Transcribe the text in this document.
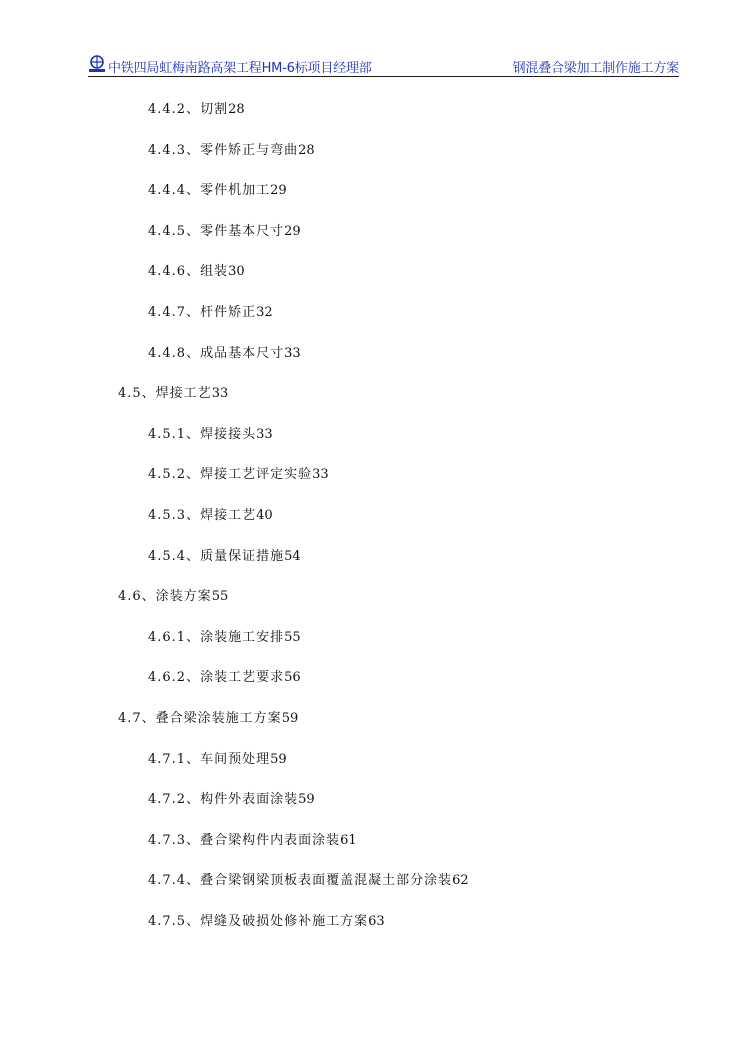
中铁四局虹梅南路高架工程HM-6标项目经理部	钢混叠合梁加工制作施工方案
4.4.2、切割28
4.4.3、零件矫正与弯曲28
4.4.4、零件机加工29
4.4.5、零件基本尺寸29
4.4.6、组装30
4.4.7、杆件矫正32
4.4.8、成品基本尺寸33
4.5、焊接工艺33
4.5.1、焊接接头33
4.5.2、焊接工艺评定实验33
4.5.3、焊接工艺40
4.5.4、质量保证措施54
4.6、涂装方案55
4.6.1、涂装施工安排55
4.6.2、涂装工艺要求56
4.7、叠合梁涂装施工方案59
4.7.1、车间预处理59
4.7.2、构件外表面涂装59
4.7.3、叠合梁构件内表面涂装61
4.7.4、叠合梁钢梁顶板表面覆盖混凝土部分涂装62
4.7.5、焊缝及破损处修补施工方案63
